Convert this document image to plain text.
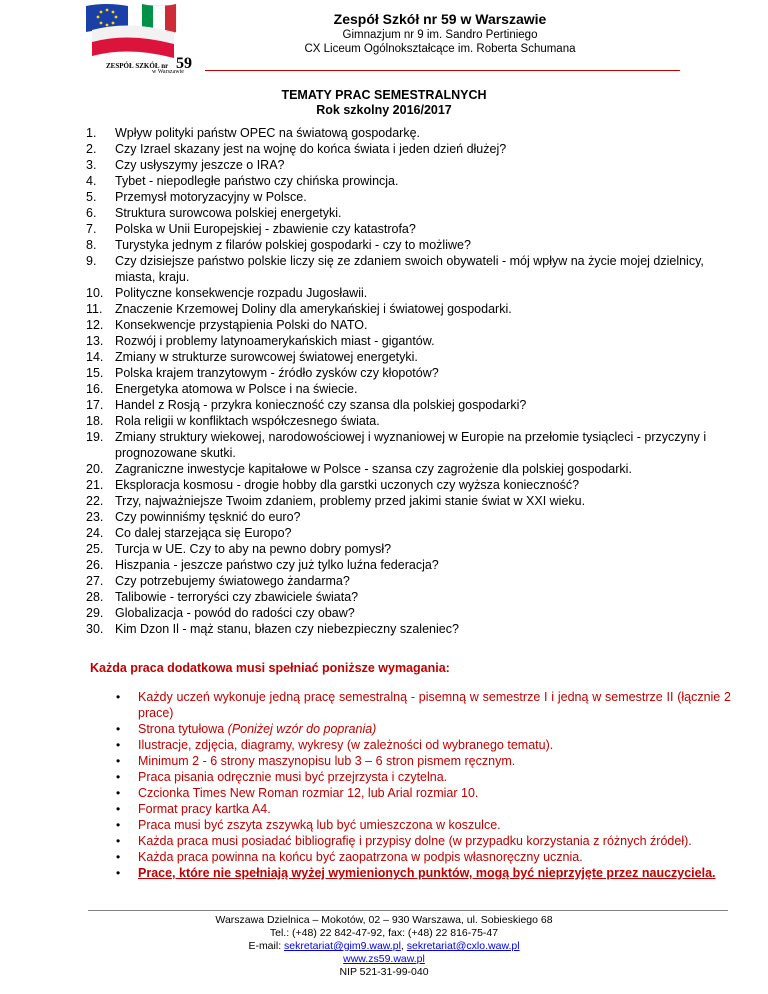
ZESPÓŁ SZKÓŁ nr 59
w Warszawie
Zespół Szkół nr 59 w Warszawie
Gimnazjum nr 9 im. Sandro Pertiniego
CX Liceum Ogólnokształcące im. Roberta Schumana
TEMATY PRAC SEMESTRALNYCH
Rok szkolny 2016/2017
1.	Wpływ polityki państw OPEC na światową gospodarkę.
2.	Czy Izrael skazany jest na wojnę do końca świata i jeden dzień dłużej?
3.	Czy usłyszymy jeszcze o IRA?
4.	Tybet - niepodległe państwo czy chińska prowincja.
5.	Przemysł motoryzacyjny w Polsce.
6.	Struktura surowcowa polskiej energetyki.
7.	Polska w Unii Europejskiej - zbawienie czy katastrofa?
8.	Turystyka jednym z filarów polskiej gospodarki - czy to możliwe?
9.	Czy dzisiejsze państwo polskie liczy się ze zdaniem swoich obywateli - mój wpływ na życie mojej dzielnicy, miasta, kraju.
10. Polityczne konsekwencje rozpadu Jugosławii.
11.	Znaczenie Krzemowej Doliny dla amerykańskiej i światowej gospodarki.
12. Konsekwencje przystąpienia Polski do NATO.
13. Rozwój i problemy latynoamerykańskich miast - gigantów.
14. Zmiany w strukturze surowcowej światowej energetyki.
15. Polska krajem tranzytowym - źródło zysków czy kłopotów?
16. Energetyka atomowa w Polsce i na świecie.
17. Handel z Rosją - przykra konieczność czy szansa dla polskiej gospodarki?
18. Rola religii w konfliktach współczesnego świata.
19. Zmiany struktury wiekowej, narodowościowej i wyznaniowej w Europie na przełomie tysiącleci - przyczyny i prognozowane skutki.
20. Zagraniczne inwestycje kapitałowe w Polsce - szansa czy zagrożenie dla polskiej gospodarki.
21. Eksploracja kosmosu - drogie hobby dla garstki uczonych czy wyższa konieczność?
22. Trzy, najważniejsze Twoim zdaniem, problemy przed jakimi stanie świat w XXI wieku.
23. Czy powinniśmy tęsknić do euro?
24. Co dalej starzejąca się Europo?
25. Turcja w UE. Czy to aby na pewno dobry pomysł?
26. Hiszpania - jeszcze państwo czy już tylko luźna federacja?
27. Czy potrzebujemy światowego żandarma?
28. Talibowie - terroryści czy zbawiciele świata?
29. Globalizacja - powód do radości czy obaw?
30. Kim Dzon Il - mąż stanu, błazen czy niebezpieczny szaleniec?
Każda praca dodatkowa musi spełniać poniższe wymagania:
•	Każdy uczeń wykonuje jedną pracę semestralną - pisemną w semestrze I i jedną w semestrze II (łącznie 2 prace)
•	Strona tytułowa (Poniżej wzór do poprania)
•	Ilustracje, zdjęcia, diagramy, wykresy (w zależności od wybranego tematu).
•	Minimum 2 - 6 strony maszynopisu lub 3 – 6 stron pismem ręcznym.
•	Praca pisania odręcznie musi być przejrzysta i czytelna.
•	Czcionka Times New Roman rozmiar 12, lub Arial rozmiar 10.
•	Format pracy kartka A4.
•	Praca musi być zszyta zszywką lub być umieszczona w koszulce.
•	Każda praca musi posiadać bibliografię i przypisy dolne (w przypadku korzystania z różnych źródeł).
•	Każda praca powinna na końcu być zaopatrzona w podpis własnoręczny ucznia.
•	Prace, które nie spełniają wyżej wymienionych punktów, mogą być nieprzyjęte przez nauczyciela.
Warszawa Dzielnica – Mokotów, 02 – 930 Warszawa, ul. Sobieskiego 68
Tel.: (+48) 22 842-47-92, fax: (+48) 22 816-75-47
E-mail: sekretariat@gim9.waw.pl, sekretariat@cxlo.waw.pl
www.zs59.waw.pl
NIP 521-31-99-040
